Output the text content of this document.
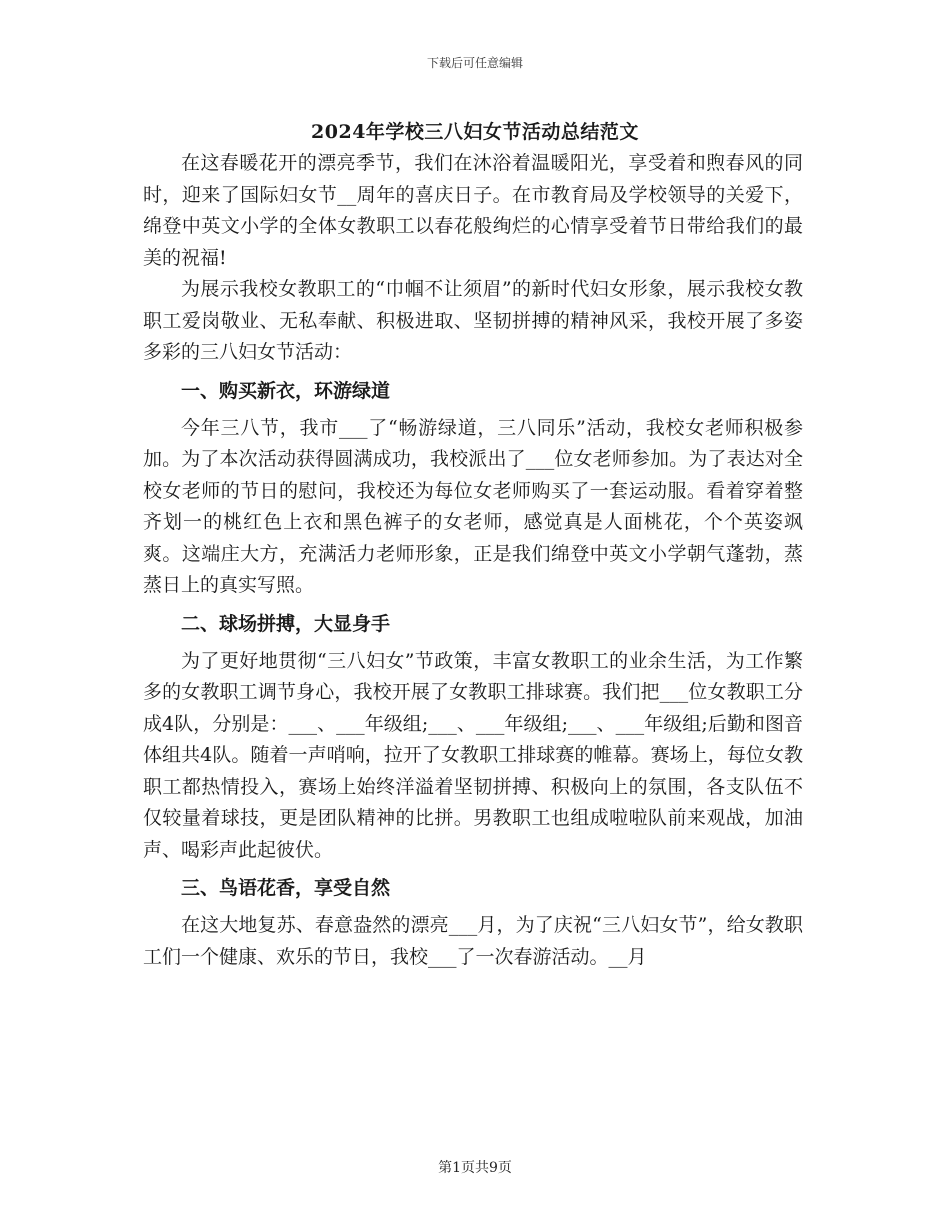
下载后可任意编辑
2024年学校三八妇女节活动总结范文

在这春暖花开的漂亮季节，我们在沐浴着温暖阳光，享受着和煦春风的同时，迎来了国际妇女节__周年的喜庆日子。在市教育局及学校领导的关爱下，绵登中英文小学的全体女教职工以春花般绚烂的心情享受着节日带给我们的最美的祝福!

为展示我校女教职工的“巾帼不让须眉”的新时代妇女形象，展示我校女教职工爱岗敬业、无私奉献、积极进取、坚韧拼搏的精神风采，我校开展了多姿多彩的三八妇女节活动：

一、购买新衣，环游绿道

今年三八节，我市___了“畅游绿道，三八同乐”活动，我校女老师积极参加。为了本次活动获得圆满成功，我校派出了___位女老师参加。为了表达对全校女老师的节日的慰问，我校还为每位女老师购买了一套运动服。看着穿着整齐划一的桃红色上衣和黑色裤子的女老师，感觉真是人面桃花，个个英姿飒爽。这端庄大方，充满活力老师形象，正是我们绵登中英文小学朝气蓬勃，蒸蒸日上的真实写照。

二、球场拼搏，大显身手

为了更好地贯彻“三八妇女”节政策，丰富女教职工的业余生活，为工作繁多的女教职工调节身心，我校开展了女教职工排球赛。我们把___位女教职工分成4队，分别是：___、___年级组;___、___年级组;___、___年级组;后勤和图音体组共4队。随着一声哨响，拉开了女教职工排球赛的帷幕。赛场上，每位女教职工都热情投入，赛场上始终洋溢着坚韧拼搏、积极向上的氛围，各支队伍不仅较量着球技，更是团队精神的比拼。男教职工也组成啦啦队前来观战，加油声、喝彩声此起彼伏。

三、鸟语花香，享受自然

在这大地复苏、春意盎然的漂亮___月，为了庆祝“三八妇女节”，给女教职工们一个健康、欢乐的节日，我校___了一次春游活动。__月

第1页共9页
